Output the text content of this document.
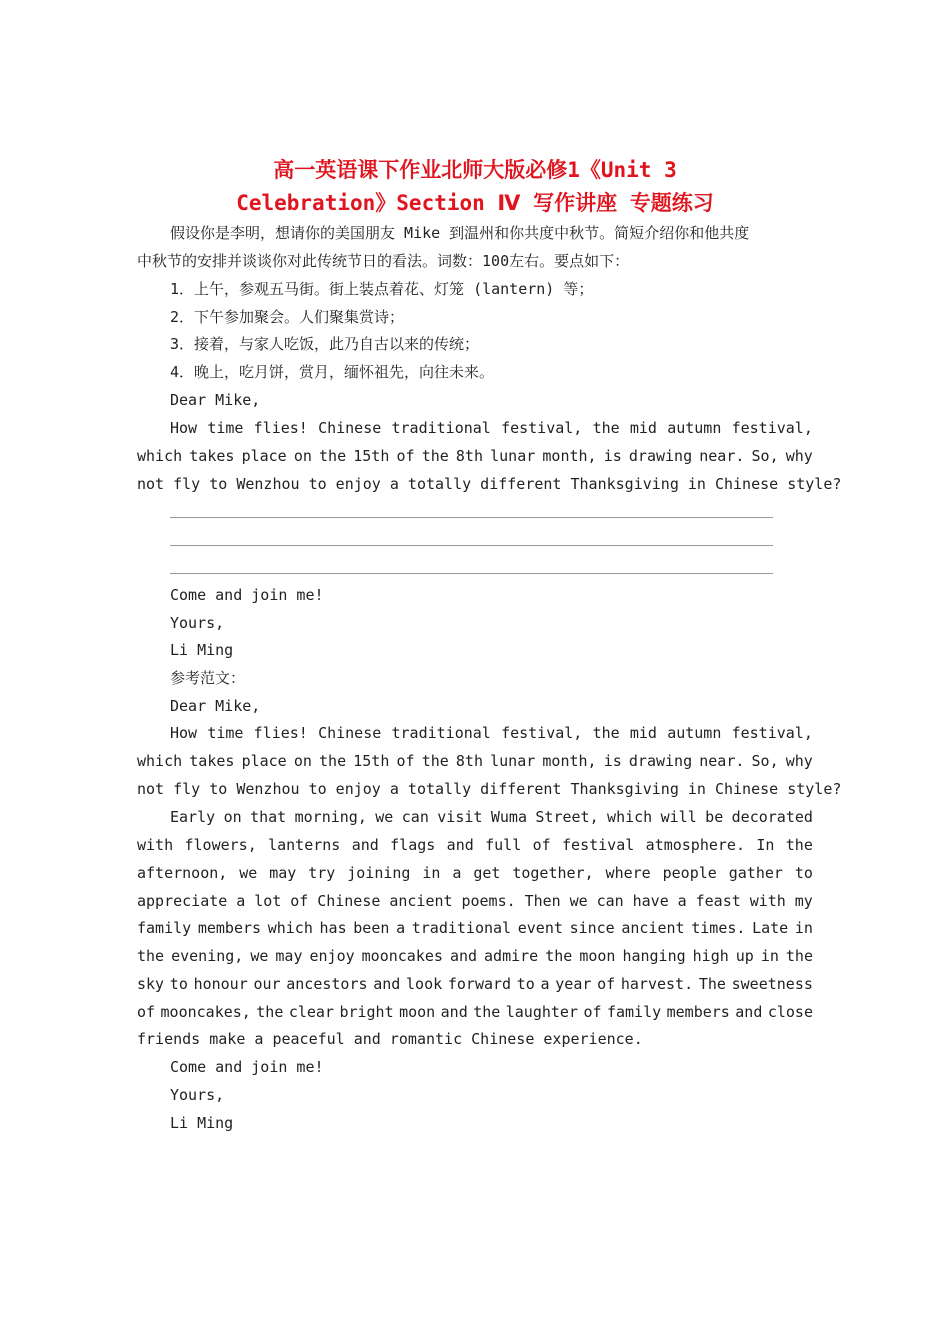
高一英语课下作业北师大版必修1《Unit 3
Celebration》Section Ⅳ 写作讲座 专题练习
假设你是李明，想请你的美国朋友 Mike 到温州和你共度中秋节。简短介绍你和他共度
中秋节的安排并谈谈你对此传统节日的看法。词数：100左右。要点如下：
1．上午，参观五马街。街上装点着花、灯笼 (lantern) 等；
2．下午参加聚会。人们聚集赏诗；
3．接着，与家人吃饭，此乃自古以来的传统；
4．晚上，吃月饼，赏月，缅怀祖先，向往未来。
Dear Mike,
How time flies! Chinese traditional festival, the mid autumn festival,
which takes place on the 15th of the 8th lunar month, is drawing near. So, why
not fly to Wenzhou to enjoy a totally different Thanksgiving in Chinese style?
Come and join me!
Yours,
Li Ming
参考范文：
Dear Mike,
How time flies! Chinese traditional festival, the mid autumn festival,
which takes place on the 15th of the 8th lunar month, is drawing near. So, why
not fly to Wenzhou to enjoy a totally different Thanksgiving in Chinese style?
Early on that morning, we can visit Wuma Street, which will be decorated
with flowers, lanterns and flags and full of festival atmosphere. In the
afternoon, we may try joining in a get together, where people gather to
appreciate a lot of Chinese ancient poems. Then we can have a feast with my
family members which has been a traditional event since ancient times. Late in
the evening, we may enjoy mooncakes and admire the moon hanging high up in the
sky to honour our ancestors and look forward to a year of harvest. The sweetness
of mooncakes, the clear bright moon and the laughter of family members and close
friends make a peaceful and romantic Chinese experience.
Come and join me!
Yours,
Li Ming
